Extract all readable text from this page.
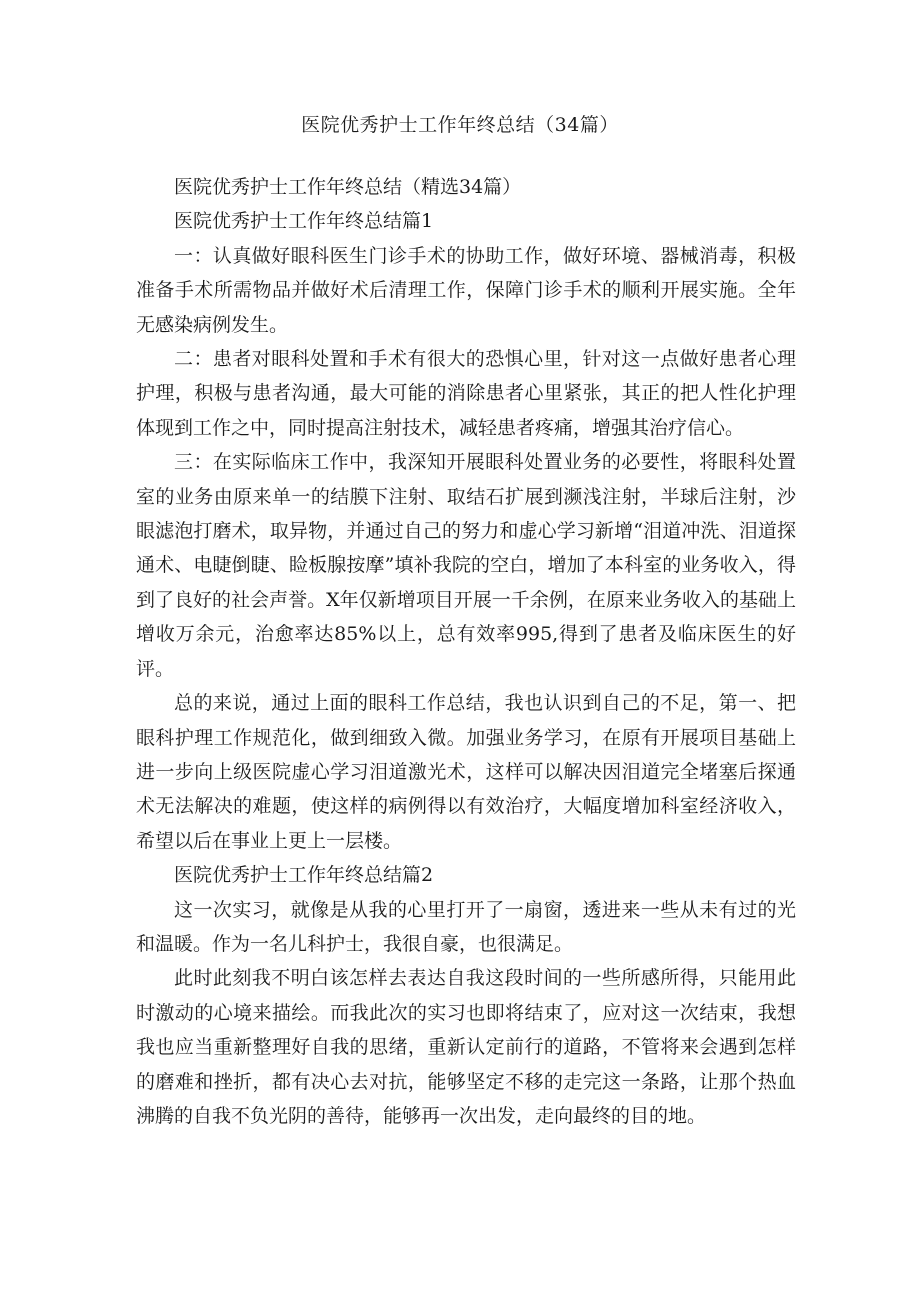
医院优秀护士工作年终总结（34篇）

医院优秀护士工作年终总结（精选34篇）

医院优秀护士工作年终总结篇1

一：认真做好眼科医生门诊手术的协助工作，做好环境、器械消毒，积极准备手术所需物品并做好术后清理工作，保障门诊手术的顺利开展实施。全年无感染病例发生。

二：患者对眼科处置和手术有很大的恐惧心里，针对这一点做好患者心理护理，积极与患者沟通，最大可能的消除患者心里紧张，其正的把人性化护理体现到工作之中，同时提高注射技术，减轻患者疼痛，增强其治疗信心。

三：在实际临床工作中，我深知开展眼科处置业务的必要性，将眼科处置室的业务由原来单一的结膜下注射、取结石扩展到濒浅注射，半球后注射，沙眼滤泡打磨术，取异物，并通过自己的努力和虚心学习新增“泪道冲洗、泪道探通术、电睫倒睫、睑板腺按摩”填补我院的空白，增加了本科室的业务收入，得到了良好的社会声誉。X年仅新增项目开展一千余例，在原来业务收入的基础上增收万余元，治愈率达85%以上，总有效率995,得到了患者及临床医生的好评。

总的来说，通过上面的眼科工作总结，我也认识到自己的不足，第一、把眼科护理工作规范化，做到细致入微。加强业务学习，在原有开展项目基础上进一步向上级医院虚心学习泪道激光术，这样可以解决因泪道完全堵塞后探通术无法解决的难题，使这样的病例得以有效治疗，大幅度增加科室经济收入，希望以后在事业上更上一层楼。

医院优秀护士工作年终总结篇2

这一次实习，就像是从我的心里打开了一扇窗，透进来一些从未有过的光和温暖。作为一名儿科护士，我很自豪，也很满足。

此时此刻我不明白该怎样去表达自我这段时间的一些所感所得，只能用此时激动的心境来描绘。而我此次的实习也即将结束了，应对这一次结束，我想我也应当重新整理好自我的思绪，重新认定前行的道路，不管将来会遇到怎样的磨难和挫折，都有决心去对抗，能够坚定不移的走完这一条路，让那个热血沸腾的自我不负光阴的善待，能够再一次出发，走向最终的目的地。
